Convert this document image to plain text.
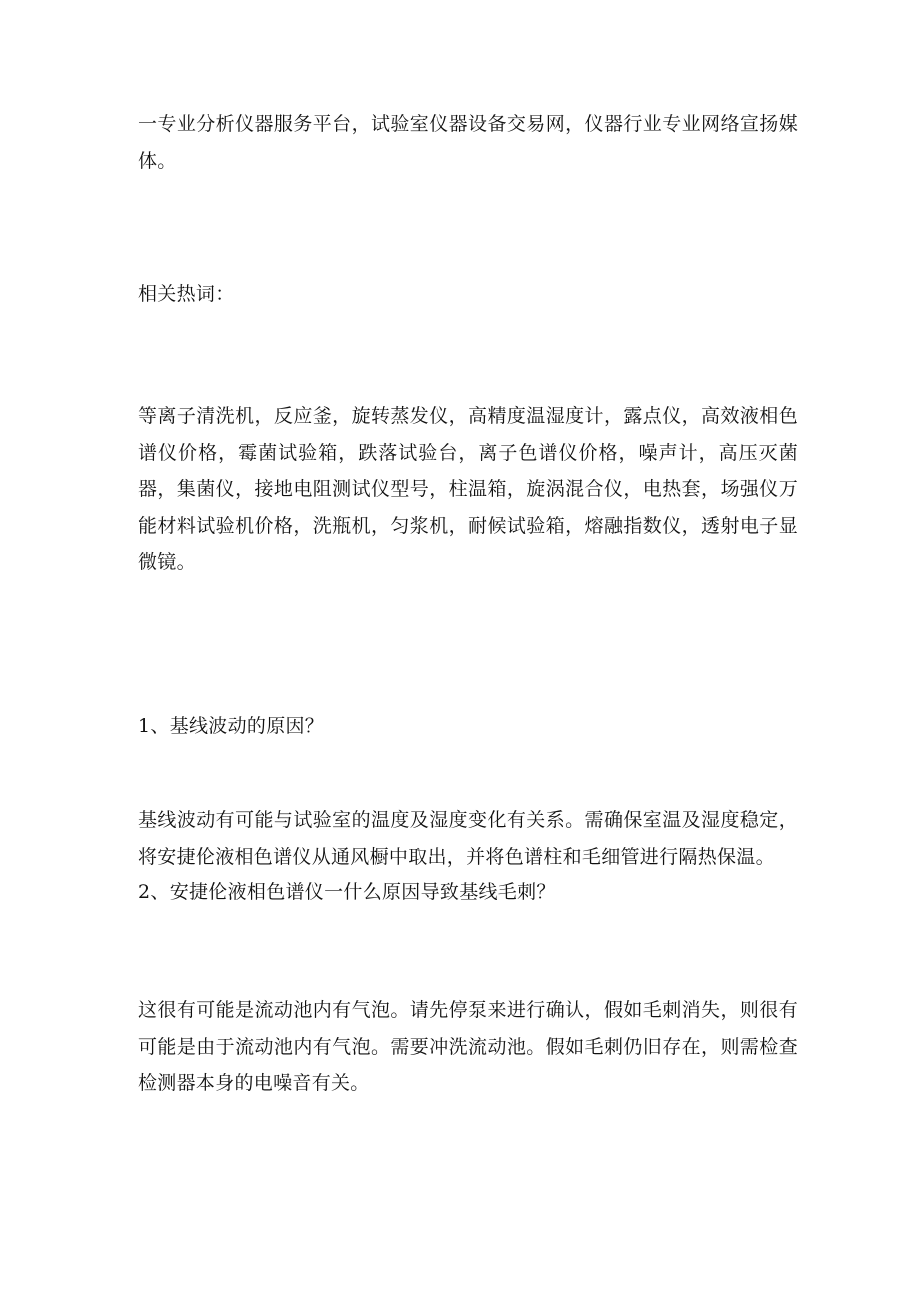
一专业分析仪器服务平台，试验室仪器设备交易网，仪器行业专业网络宣扬媒体。

相关热词：

等离子清洗机，反应釜，旋转蒸发仪，高精度温湿度计，露点仪，高效液相色谱仪价格，霉菌试验箱，跌落试验台，离子色谱仪价格，噪声计，高压灭菌器，集菌仪，接地电阻测试仪型号，柱温箱，旋涡混合仪，电热套，场强仪万能材料试验机价格，洗瓶机，匀浆机，耐候试验箱，熔融指数仪，透射电子显微镜。

1、基线波动的原因？

基线波动有可能与试验室的温度及湿度变化有关系。需确保室温及湿度稳定，将安捷伦液相色谱仪从通风橱中取出，并将色谱柱和毛细管进行隔热保温。

2、安捷伦液相色谱仪一什么原因导致基线毛刺？

这很有可能是流动池内有气泡。请先停泵来进行确认，假如毛刺消失，则很有可能是由于流动池内有气泡。需要冲洗流动池。假如毛刺仍旧存在，则需检查检测器本身的电噪音有关。
